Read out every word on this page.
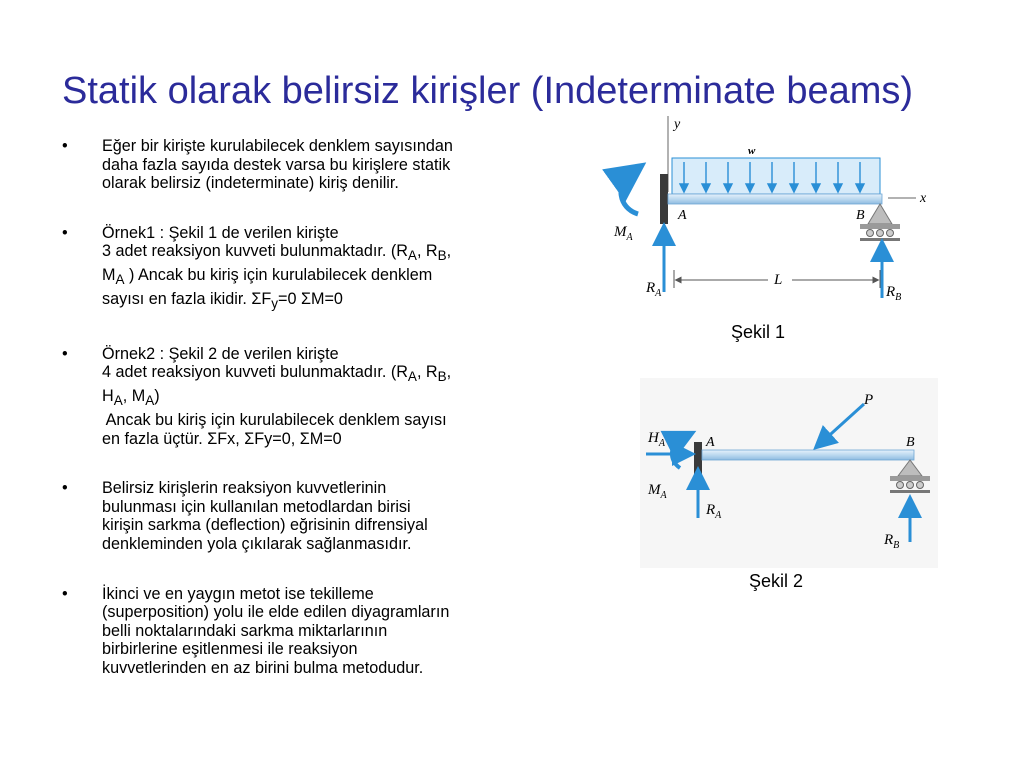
Statik olarak belirsiz kirişler (Indeterminate beams)
• Eğer bir kirişte kurulabilecek denklem sayısından
daha fazla sayıda destek varsa bu kirişlere statik
olarak belirsiz (indeterminate) kiriş denilir.
• Örnek1 : Şekil 1 de verilen kirişte
3 adet reaksiyon kuvveti bulunmaktadır. ($R_A$, $R_B$,
$M_A$ ) Ancak bu kiriş için kurulabilecek denklem
sayısı en fazla ikidir. $\Sigma F_y=0$ ΣM=0
• Örnek2 : Şekil 2 de verilen kirişte
4 adet reaksiyon kuvveti bulunmaktadır. ($R_A$, $R_B$,
$H_A$, $M_A$)
Ancak bu kiriş için kurulabilecek denklem sayısı
en fazla üçtür. ΣFx, ΣFy=0, ΣM=0
• Belirsiz kirişlerin reaksiyon kuvvetlerinin
bulunması için kullanılan metodlardan birisi
kirişin sarkma (deflection) eğrisinin difrensiyal
denkleminden yola çıkılarak sağlanmasıdır.
• İkinci ve en yaygın metot ise tekilleme
(superposition) yolu ile elde edilen diyagramların
belli noktalarındaki sarkma miktarlarının
birbirlerine eşitlenmesi ile reaksiyon
kuvvetlerinden en az birini bulma metodudur.
y
x
w
A	B
$M_A$
$R_A$	$R_B$
L
Şekil 1
A	B
$H_A$
$M_A$
$R_A$
P
$R_B$
Şekil 2
